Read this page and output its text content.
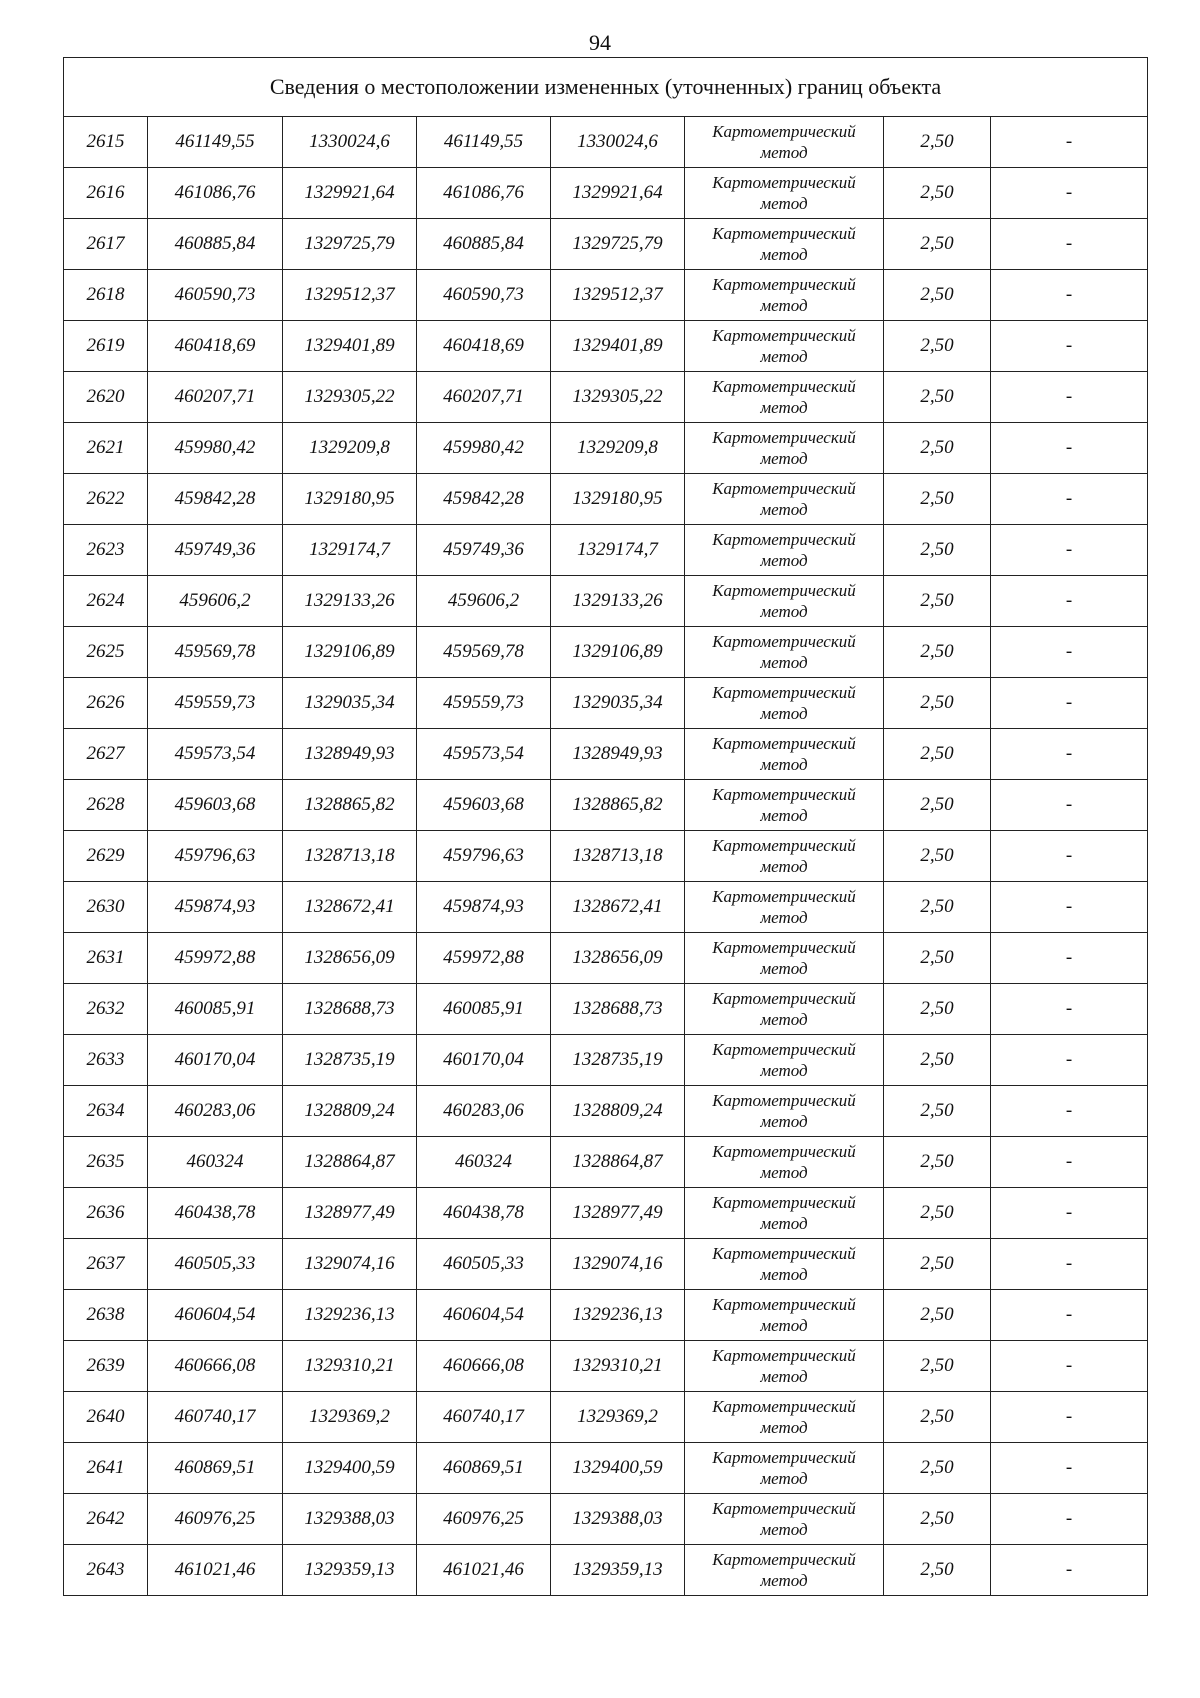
94
Сведения о местоположении измененных (уточненных) границ объекта							
2615	461149,55	1330024,6	461149,55	1330024,6	Картометрический
метод	2,50	-
2616	461086,76	1329921,64	461086,76	1329921,64	Картометрический
метод	2,50	-
2617	460885,84	1329725,79	460885,84	1329725,79	Картометрический
метод	2,50	-
2618	460590,73	1329512,37	460590,73	1329512,37	Картометрический
метод	2,50	-
2619	460418,69	1329401,89	460418,69	1329401,89	Картометрический
метод	2,50	-
2620	460207,71	1329305,22	460207,71	1329305,22	Картометрический
метод	2,50	-
2621	459980,42	1329209,8	459980,42	1329209,8	Картометрический
метод	2,50	-
2622	459842,28	1329180,95	459842,28	1329180,95	Картометрический
метод	2,50	-
2623	459749,36	1329174,7	459749,36	1329174,7	Картометрический
метод	2,50	-
2624	459606,2	1329133,26	459606,2	1329133,26	Картометрический
метод	2,50	-
2625	459569,78	1329106,89	459569,78	1329106,89	Картометрический
метод	2,50	-
2626	459559,73	1329035,34	459559,73	1329035,34	Картометрический
метод	2,50	-
2627	459573,54	1328949,93	459573,54	1328949,93	Картометрический
метод	2,50	-
2628	459603,68	1328865,82	459603,68	1328865,82	Картометрический
метод	2,50	-
2629	459796,63	1328713,18	459796,63	1328713,18	Картометрический
метод	2,50	-
2630	459874,93	1328672,41	459874,93	1328672,41	Картометрический
метод	2,50	-
2631	459972,88	1328656,09	459972,88	1328656,09	Картометрический
метод	2,50	-
2632	460085,91	1328688,73	460085,91	1328688,73	Картометрический
метод	2,50	-
2633	460170,04	1328735,19	460170,04	1328735,19	Картометрический
метод	2,50	-
2634	460283,06	1328809,24	460283,06	1328809,24	Картометрический
метод	2,50	-
2635	460324	1328864,87	460324	1328864,87	Картометрический
метод	2,50	-
2636	460438,78	1328977,49	460438,78	1328977,49	Картометрический
метод	2,50	-
2637	460505,33	1329074,16	460505,33	1329074,16	Картометрический
метод	2,50	-
2638	460604,54	1329236,13	460604,54	1329236,13	Картометрический
метод	2,50	-
2639	460666,08	1329310,21	460666,08	1329310,21	Картометрический
метод	2,50	-
2640	460740,17	1329369,2	460740,17	1329369,2	Картометрический
метод	2,50	-
2641	460869,51	1329400,59	460869,51	1329400,59	Картометрический
метод	2,50	-
2642	460976,25	1329388,03	460976,25	1329388,03	Картометрический
метод	2,50	-
2643	461021,46	1329359,13	461021,46	1329359,13	Картометрический
метод	2,50	-
